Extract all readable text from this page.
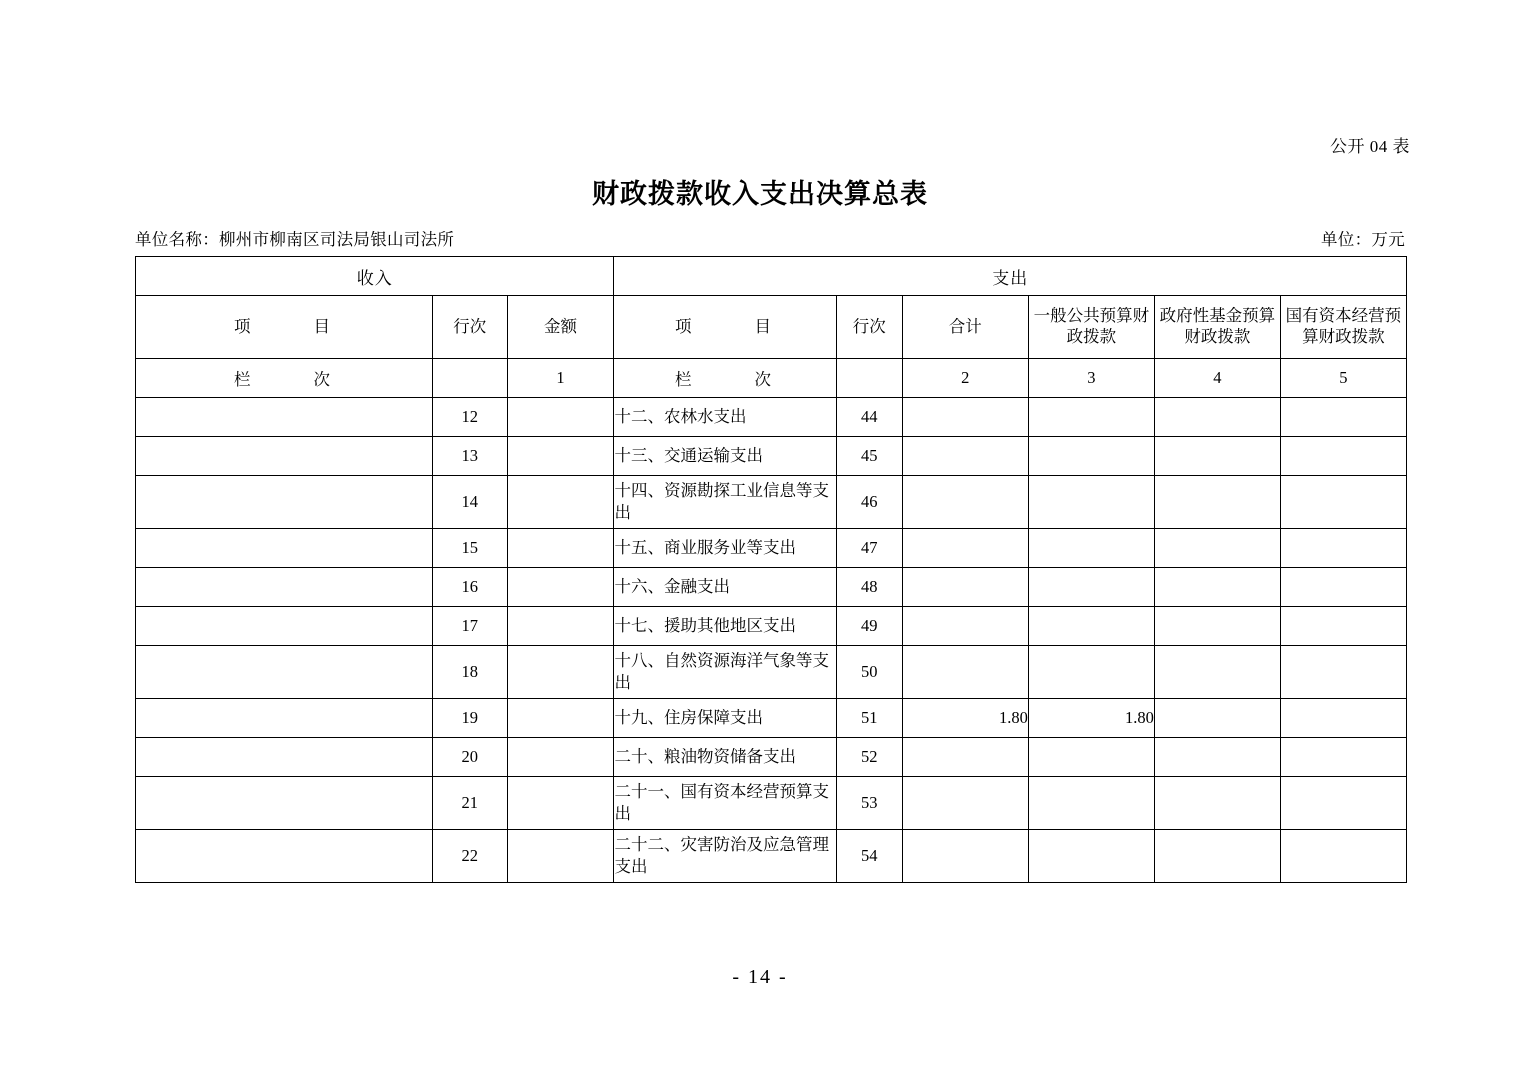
公开 04 表
财政拨款收入支出决算总表
单位名称：柳州市柳南区司法局银山司法所	单位：万元
收入			支出					
项　　目	行次	金额	项　　目	行次	合计	一般公共预算财政拨款	政府性基金预算财政拨款	国有资本经营预算财政拨款
栏　　次		1	栏　　次		2	3	4	5
	12		十二、农林水支出	44				
	13		十三、交通运输支出	45				
	14		十四、资源勘探工业信息等支出	46				
	15		十五、商业服务业等支出	47				
	16		十六、金融支出	48				
	17		十七、援助其他地区支出	49				
	18		十八、自然资源海洋气象等支出	50				
	19		十九、住房保障支出	51	1.80	1.80		
	20		二十、粮油物资储备支出	52				
	21		二十一、国有资本经营预算支出	53				
	22		二十二、灾害防治及应急管理支出	54				
- 14 -
